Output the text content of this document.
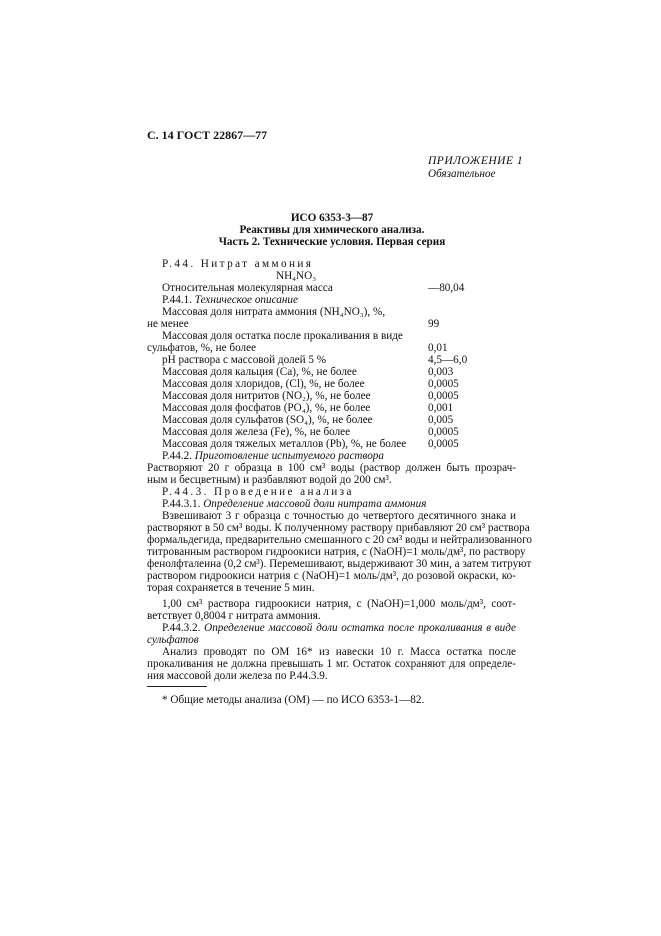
С. 14 ГОСТ 22867—77
ПРИЛОЖЕНИЕ 1
Обязательное
ИСО 6353-3—87
Реактивы для химического анализа.
Часть 2. Технические условия. Первая серия
Р.44. Нитрат аммония
NH₄NO₃
Относительная молекулярная масса	—80,04
Р.44.1. Техническое описание
Массовая доля нитрата аммония (NH₄NO₃), %,
не менее	99
Массовая доля остатка после прокаливания в виде
сульфатов, %, не более	0,01
pH раствора с массовой долей 5 %	4,5—6,0
Массовая доля кальция (Ca), %, не более	0,003
Массовая доля хлоридов, (Cl), %, не более	0,0005
Массовая доля нитритов (NO₂), %, не более	0,0005
Массовая доля фосфатов (PO₄), %, не более	0,001
Массовая доля сульфатов (SO₄), %, не более	0,005
Массовая доля железа (Fe), %, не более	0,0005
Массовая доля тяжелых металлов (Pb), %, не более 0,0005
Р.44.2. Приготовление испытуемого раствора
Растворяют 20 г образца в 100 см³ воды (раствор должен быть прозрач-
ным и бесцветным) и разбавляют водой до 200 см³.
Р.44.3. Проведение анализа
Р.44.3.1. Определение массовой доли нитрата аммония
Взвешивают 3 г образца с точностью до четвертого десятичного знака и
растворяют в 50 см³ воды. К полученному раствору прибавляют 20 см³ раствора
формальдегида, предварительно смешанного с 20 см³ воды и нейтрализованного
титрованным раствором гидроокиси натрия, c (NaOH)=1 моль/дм³, по раствору
фенолфталеина (0,2 см³). Перемешивают, выдерживают 30 мин, а затем титруют
раствором гидроокиси натрия c (NaOH)=1 моль/дм³, до розовой окраски, ко-
торая сохраняется в течение 5 мин.
1,00 см³ раствора гидроокиси натрия, c (NaOH)=1,000 моль/дм³, соот-
ветствует 0,8004 г нитрата аммония.
Р.44.3.2. Определение массовой доли остатка после прокаливания в виде
сульфатов
Анализ проводят по ОМ 16* из навески 10 г. Масса остатка после
прокаливания не должна превышать 1 мг. Остаток сохраняют для определе-
ния массовой доли железа по Р.44.3.9.
* Общие методы анализа (ОМ) — по ИСО 6353-1—82.
